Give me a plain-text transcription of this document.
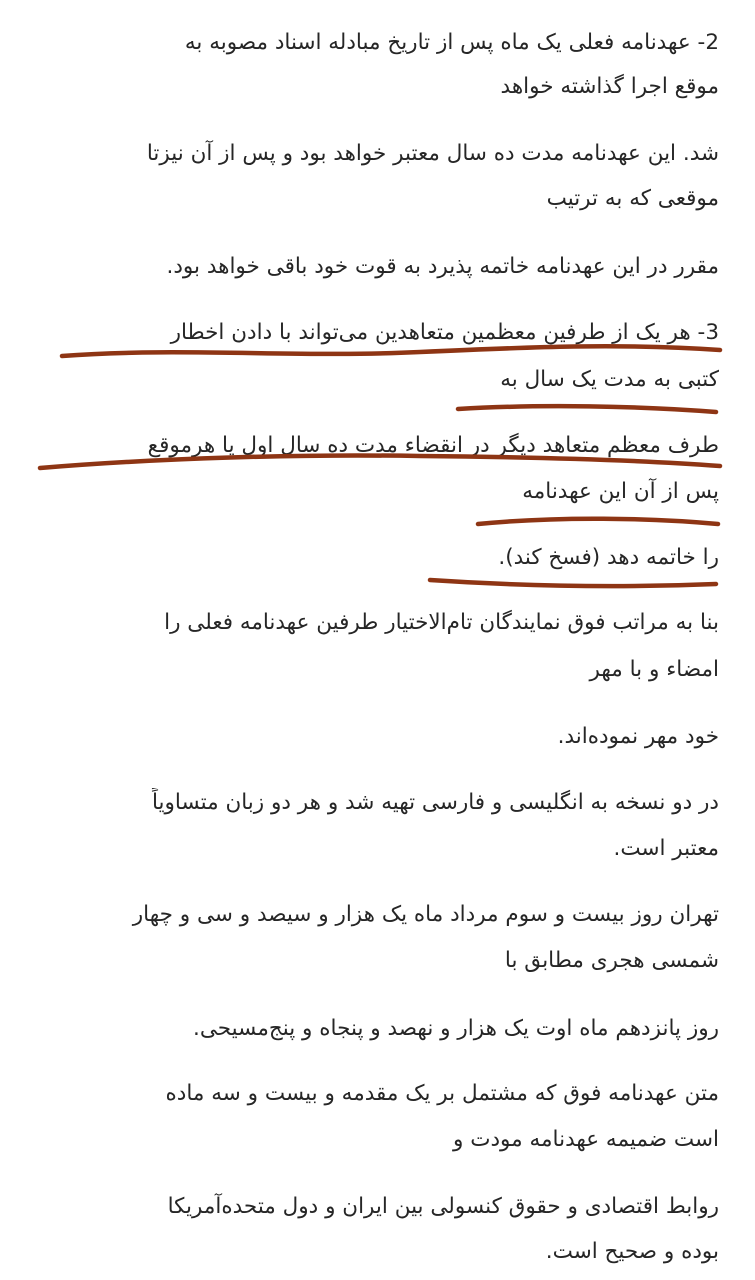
2- عهدنامه فعلی یک ماه پس از تاریخ مبادله اسناد مصوبه به
موقع اجرا گذاشته خواهد
شد. این عهدنامه مدت ده سال معتبر خواهد بود و پس از آن نیزتا
موقعی که به ترتیب
مقرر در این عهدنامه خاتمه پذیرد به قوت خود باقی خواهد بود.
3- هر یک از طرفین معظمین متعاهدین می‌تواند با دادن اخطار
کتبی به مدت یک سال به
طرف معظم متعاهد دیگر در انقضاء مدت ده سال اول یا هرموقع
پس از آن این عهدنامه
را خاتمه دهد (فسخ کند).
بنا به مراتب فوق نمایندگان تام‌الاختیار طرفین عهدنامه فعلی را
امضاء و با مهر
خود مهر نموده‌اند.
در دو نسخه به انگلیسی و فارسی تهیه شد و هر دو زبان متساویاً
معتبر است.
تهران روز بیست و سوم مرداد ماه یک هزار و سیصد و سی و چهار
شمسی هجری مطابق با
روز پانزدهم ماه اوت یک هزار و نهصد و پنجاه و پنج‌مسیحی.
متن عهدنامه فوق که مشتمل بر یک مقدمه و بیست و سه ماده
است ضمیمه عهدنامه مودت و
روابط اقتصادی و حقوق کنسولی بین ایران و دول متحده‌آمریکا
بوده و صحیح است.
